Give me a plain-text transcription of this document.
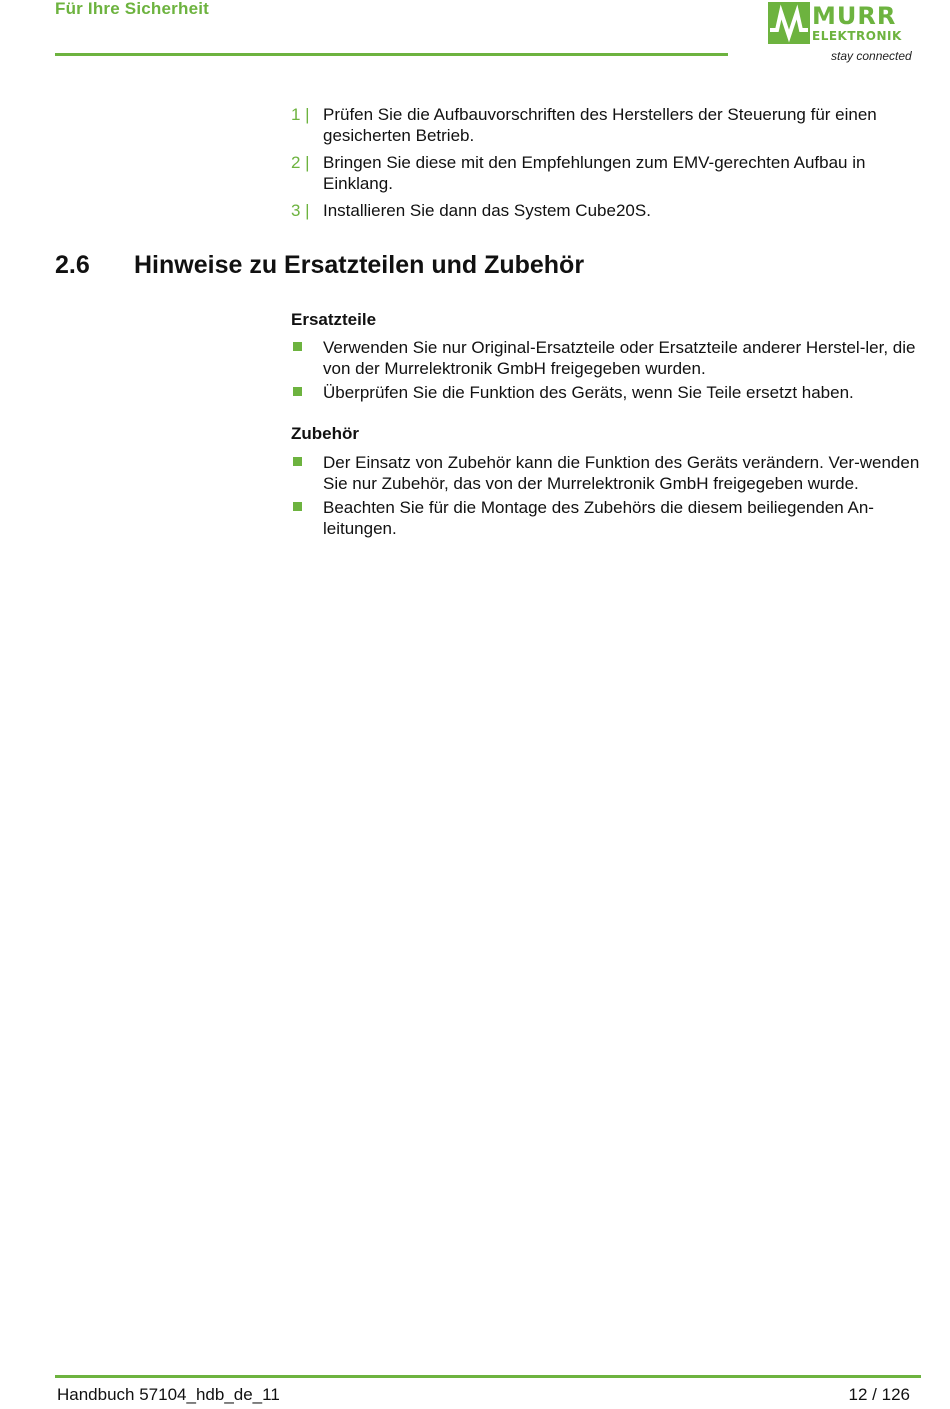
Für Ihre Sicherheit	MURR
ELEKTRONIK
stay connected
1 | Prüfen Sie die Aufbauvorschriften des Herstellers der Steuerung für einen gesicherten Betrieb.
2 | Bringen Sie diese mit den Empfehlungen zum EMV-gerechten Aufbau in Einklang.
3 | Installieren Sie dann das System Cube20S.
2.6 Hinweise zu Ersatzteilen und Zubehör
Ersatzteile
Verwenden Sie nur Original-Ersatzteile oder Ersatzteile anderer Herstel-ler, die von der Murrelektronik GmbH freigegeben wurden.
Überprüfen Sie die Funktion des Geräts, wenn Sie Teile ersetzt haben.
Zubehör
Der Einsatz von Zubehör kann die Funktion des Geräts verändern. Ver-wenden Sie nur Zubehör, das von der Murrelektronik GmbH freigegeben wurde.
Beachten Sie für die Montage des Zubehörs die diesem beiliegenden An-leitungen.
Handbuch 57104_hdb_de_11	12 / 126
